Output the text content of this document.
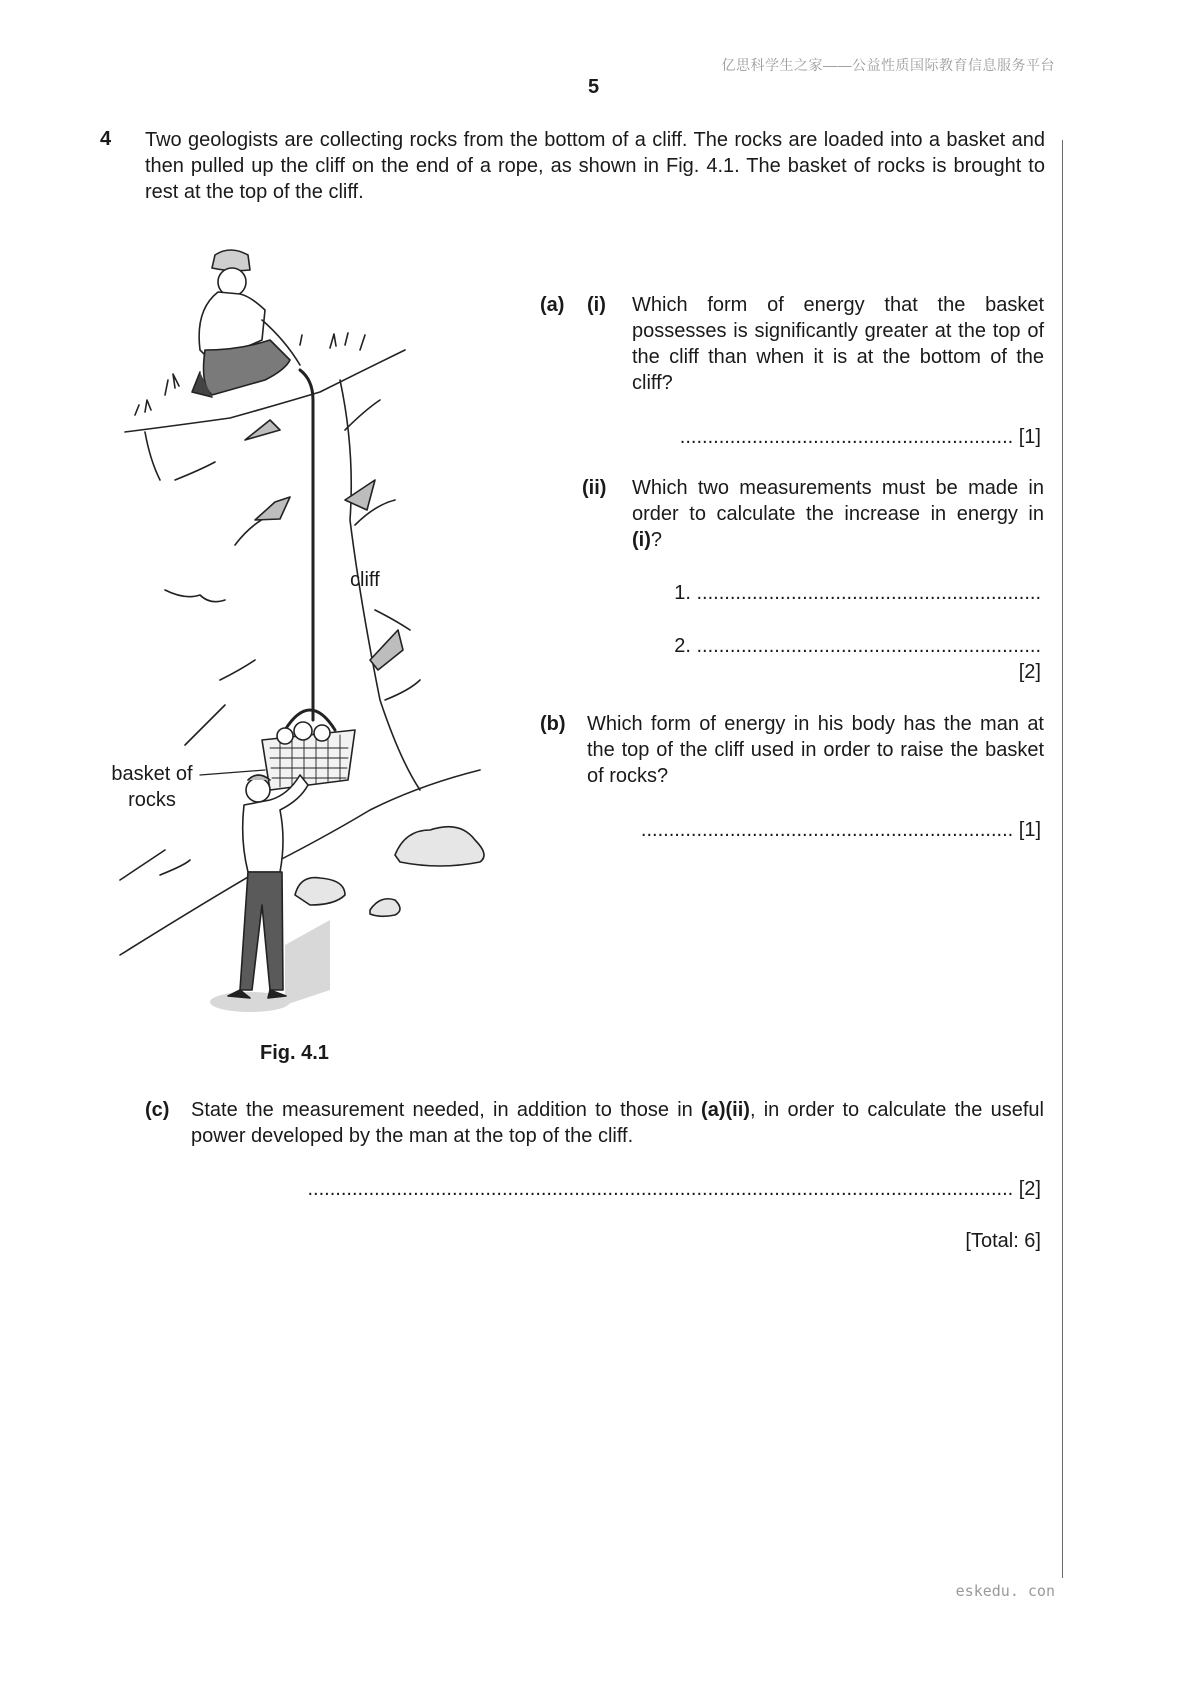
亿思科学生之家——公益性质国际教育信息服务平台
5
4 Two geologists are collecting rocks from the bottom of a cliff. The rocks are loaded into a basket and then pulled up the cliff on the end of a rope, as shown in Fig. 4.1. The basket of rocks is brought to rest at the top of the cliff.
cliff
basket of
rocks
Fig. 4.1
(a) (i) Which form of energy that the basket possesses is significantly greater at the top of the cliff than when it is at the bottom of the cliff?
............................................................ [1]
(ii) Which two measurements must be made in order to calculate the increase in energy in (i)?
1. ..............................................................
2. ..............................................................
[2]
(b) Which form of energy in his body has the man at the top of the cliff used in order to raise the basket of rocks?
................................................................... [1]
(c) State the measurement needed, in addition to those in (a)(ii), in order to calculate the useful power developed by the man at the top of the cliff.
............................................................................................................................... [2]
[Total: 6]
eskedu. con
